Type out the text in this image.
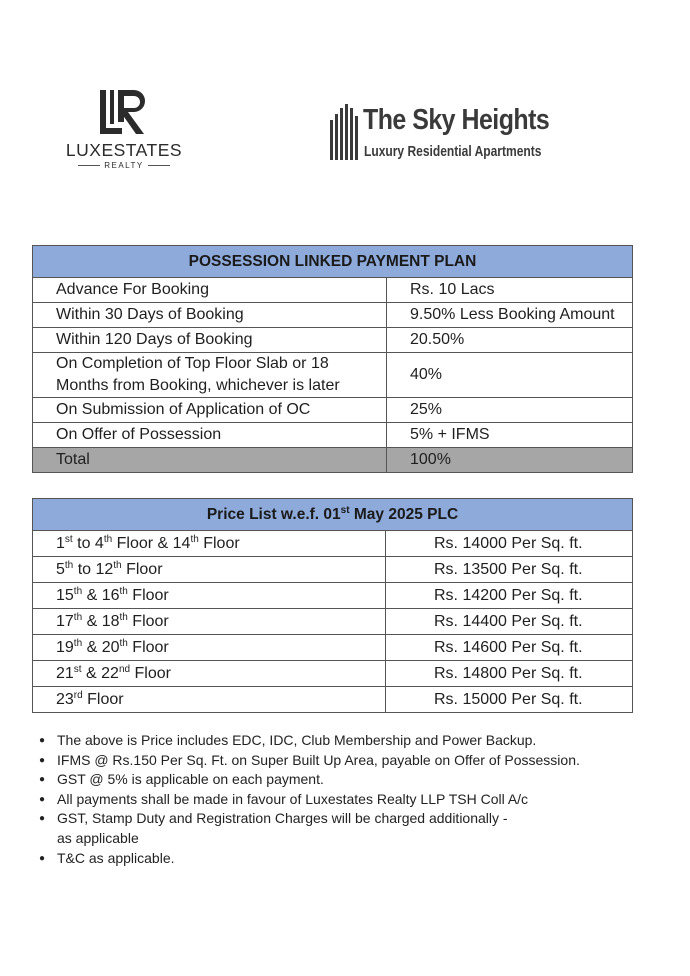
LUXESTATES
REALTY
The Sky Heights
Luxury Residential Apartments
POSSESSION LINKED PAYMENT PLAN	
Advance For Booking	Rs. 10 Lacs
Within 30 Days of Booking	9.50% Less Booking Amount
Within 120 Days of Booking	20.50%
On Completion of Top Floor Slab or 18
Months from Booking, whichever is later	40%
On Submission of Application of OC	25%
On Offer of Possession	5% + IFMS
Total	100%
Price List w.e.f. 01st May 2025 PLC	
1st to 4th Floor & 14th Floor	Rs. 14000 Per Sq. ft.
5th to 12th Floor	Rs. 13500 Per Sq. ft.
15th & 16th Floor	Rs. 14200 Per Sq. ft.
17th & 18th Floor	Rs. 14400 Per Sq. ft.
19th & 20th Floor	Rs. 14600 Per Sq. ft.
21st & 22nd Floor	Rs. 14800 Per Sq. ft.
23rd Floor	Rs. 15000 Per Sq. ft.
● The above is Price includes EDC, IDC, Club Membership and Power Backup.
● IFMS @ Rs.150 Per Sq. Ft. on Super Built Up Area, payable on Offer of Possession.
● GST @ 5% is applicable on each payment.
● All payments shall be made in favour of Luxestates Realty LLP TSH Coll A/c
● GST, Stamp Duty and Registration Charges will be charged additionally - as applicable
● T&C as applicable.
